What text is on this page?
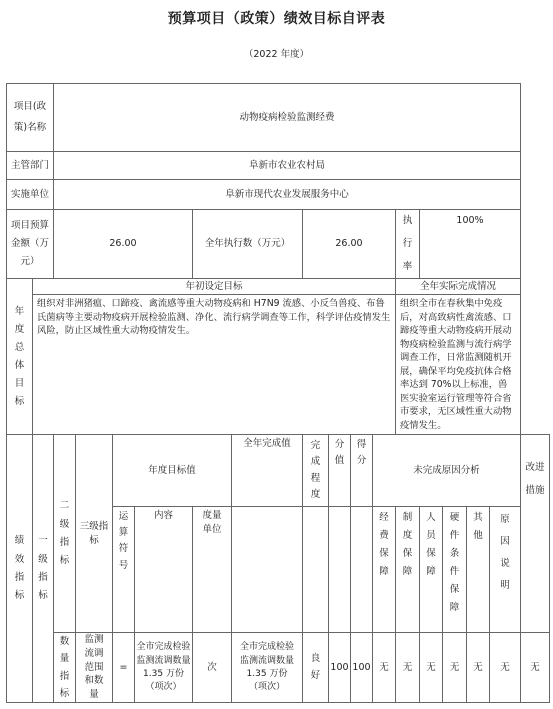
预算项目（政策）绩效目标自评表
（2022 年度）
项目(政策)名称		动物疫病检验监测经费															
主管部门		阜新市农业农村局															
实施单位		阜新市现代农业发展服务中心															

项目预算金额（万元）		26.00				全年执行数（万元）		26.00				执行率	100%				

年度总体目标	年初设定目标											全年实际完成情况					
	组织对非洲猪瘟、口蹄疫、禽流感等重大动物疫病和 H7N9 流感、小反刍兽疫、布鲁氏菌病等主要动物疫病开展检验监测、净化、流行病学调查等工作，科学评估疫情发生风险，防止区域性重大动物疫情发生。											组织全市在春秋集中免疫后，对高致病性禽流感、口蹄疫等重大动物疫病开展动物疫病检验监测与流行病学调查工作，日常监测随机开展，确保平均免疫抗体合格率达到 70%以上标准，兽医实验室运行管理等符合省市要求，无区域性重大动物疫情发生。					

绩效指标	一级指标	二级指标	三级指标	年度目标值			全年完成值	完成程度	分值	得分	未完成原因分析						改进措施

				运算符号	内容	度量单位					经费保障	制度保障	人员保障	硬件条件保障	其他	原因说明	

		数量指标	监测流调范围和数量	=	全市完成检验监测流调数量 1.35 万份（项次）	次	全市完成检验监测流调数量 1.35 万份（项次）	良好	100	100	无	无	无	无	无	无	无
